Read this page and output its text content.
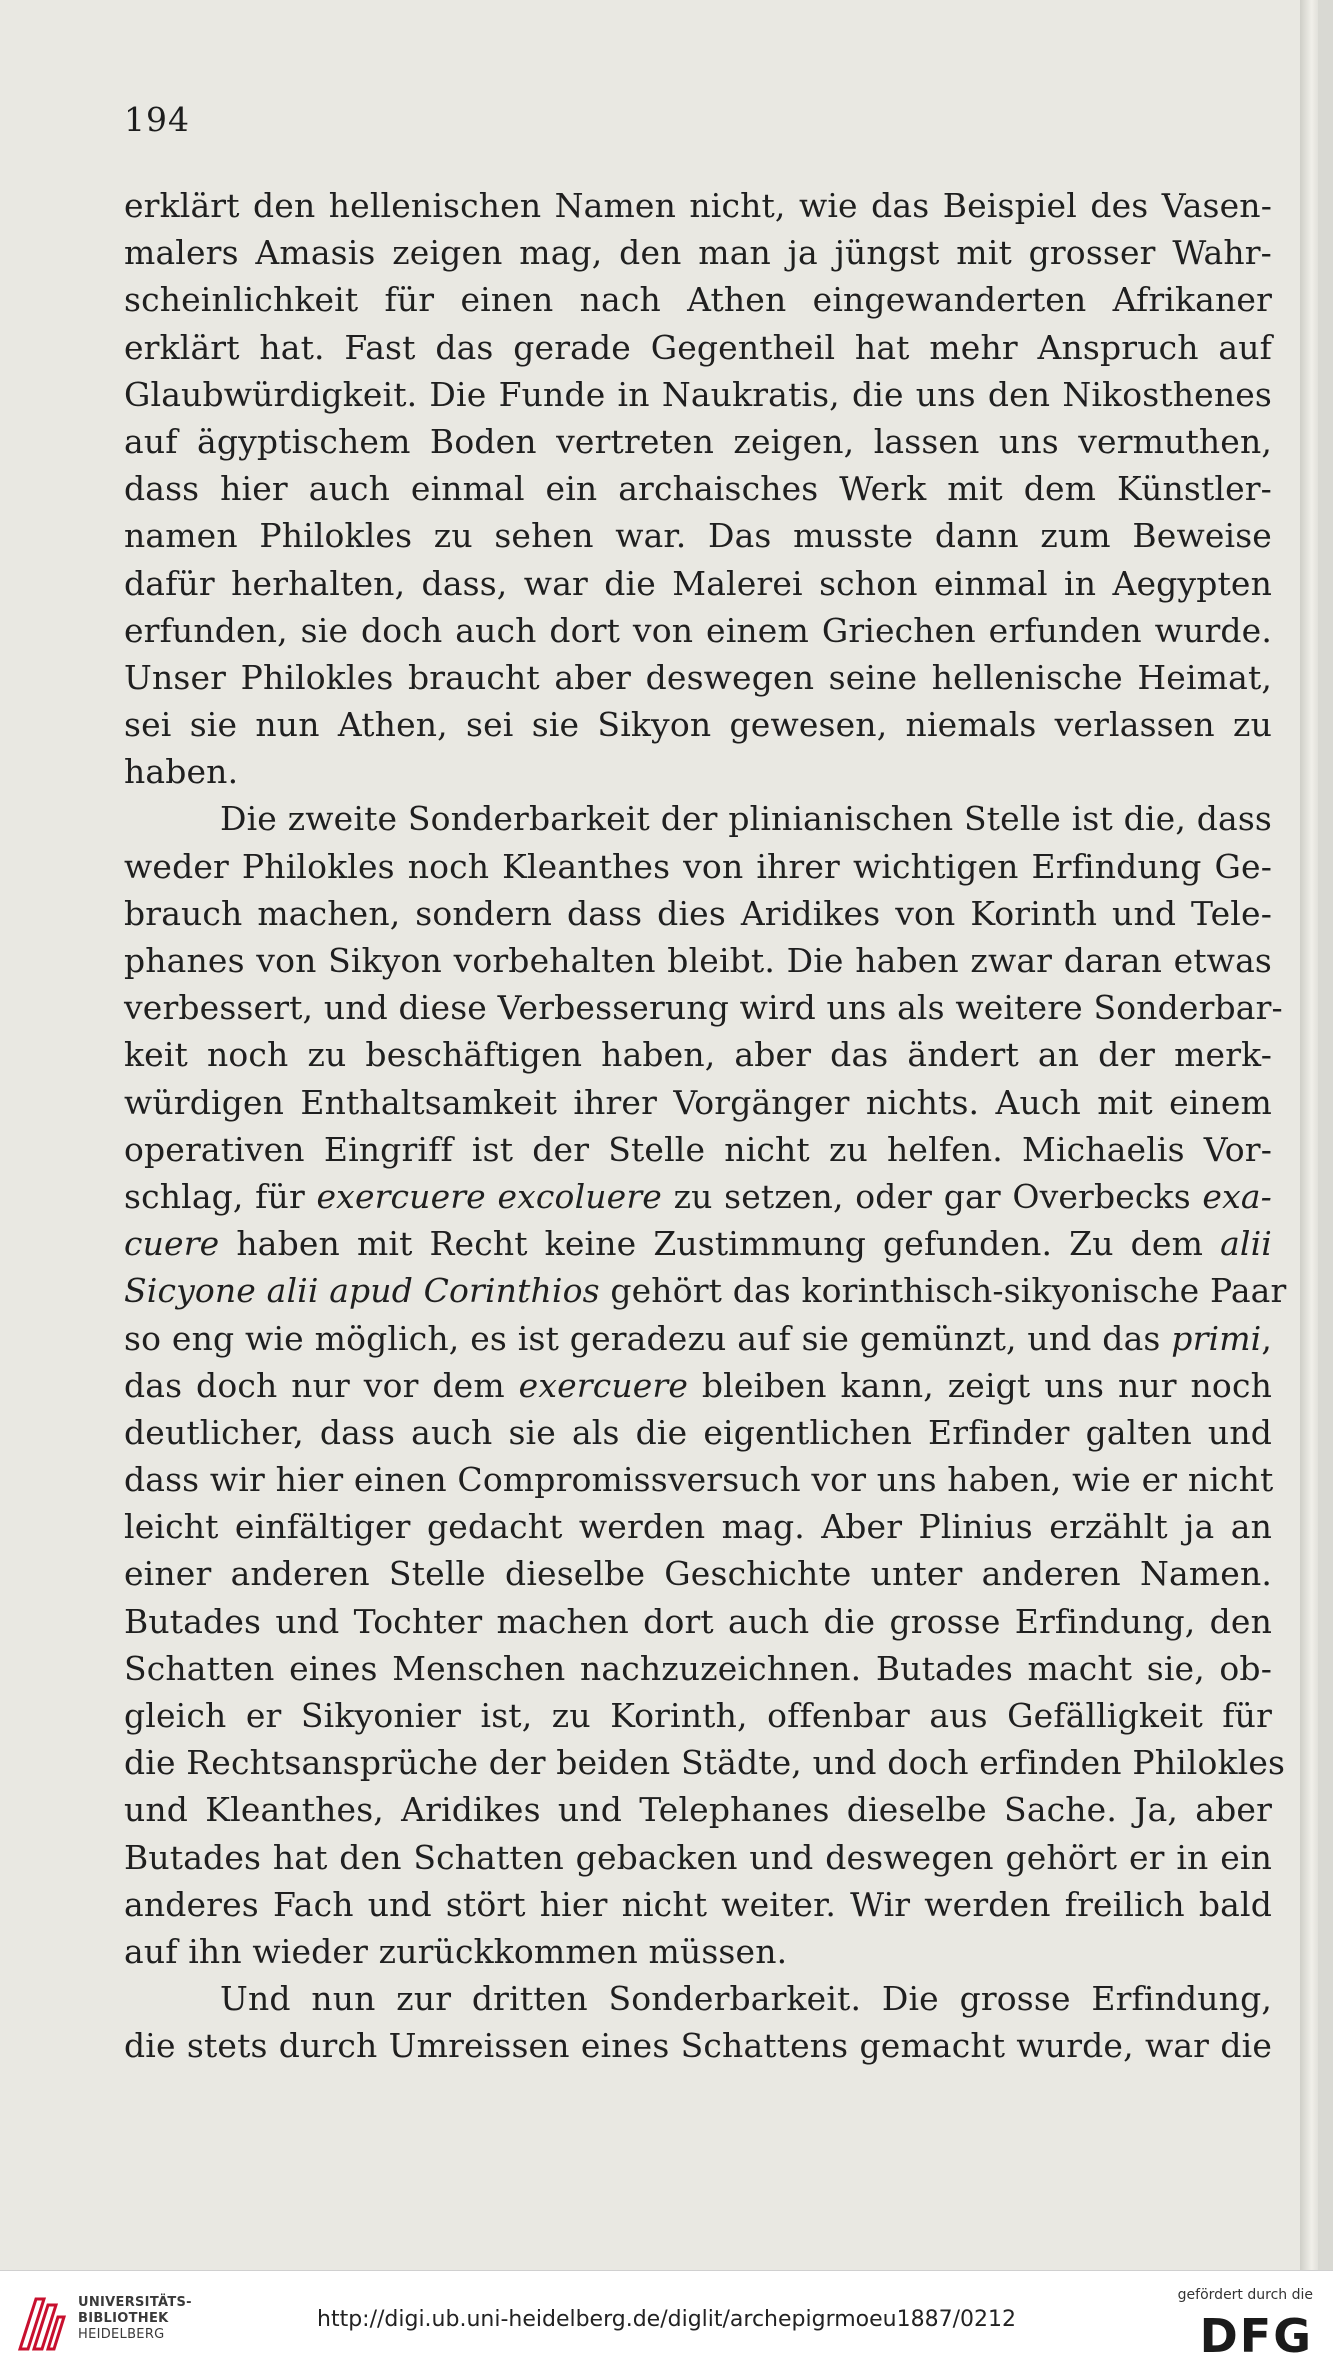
194
erklärt den hellenischen Namen nicht, wie das Beispiel des Vasen-
malers Amasis zeigen mag, den man ja jüngst mit grosser Wahr-
scheinlichkeit für einen nach Athen eingewanderten Afrikaner
erklärt hat. Fast das gerade Gegentheil hat mehr Anspruch auf
Glaubwürdigkeit. Die Funde in Naukratis, die uns den Nikosthenes
auf ägyptischem Boden vertreten zeigen, lassen uns vermuthen,
dass hier auch einmal ein archaisches Werk mit dem Künstler-
namen Philokles zu sehen war. Das musste dann zum Beweise
dafür herhalten, dass, war die Malerei schon einmal in Aegypten
erfunden, sie doch auch dort von einem Griechen erfunden wurde.
Unser Philokles braucht aber deswegen seine hellenische Heimat,
sei sie nun Athen, sei sie Sikyon gewesen, niemals verlassen zu
haben.
Die zweite Sonderbarkeit der plinianischen Stelle ist die, dass
weder Philokles noch Kleanthes von ihrer wichtigen Erfindung Ge-
brauch machen, sondern dass dies Aridikes von Korinth und Tele-
phanes von Sikyon vorbehalten bleibt. Die haben zwar daran etwas
verbessert, und diese Verbesserung wird uns als weitere Sonderbar-
keit noch zu beschäftigen haben, aber das ändert an der merk-
würdigen Enthaltsamkeit ihrer Vorgänger nichts. Auch mit einem
operativen Eingriff ist der Stelle nicht zu helfen. Michaelis Vor-
schlag, für exercuere excoluere zu setzen, oder gar Overbecks exa-
cuere haben mit Recht keine Zustimmung gefunden. Zu dem alii
Sicyone alii apud Corinthios gehört das korinthisch-sikyonische Paar
so eng wie möglich, es ist geradezu auf sie gemünzt, und das primi,
das doch nur vor dem exercuere bleiben kann, zeigt uns nur noch
deutlicher, dass auch sie als die eigentlichen Erfinder galten und
dass wir hier einen Compromissversuch vor uns haben, wie er nicht
leicht einfältiger gedacht werden mag. Aber Plinius erzählt ja an
einer anderen Stelle dieselbe Geschichte unter anderen Namen.
Butades und Tochter machen dort auch die grosse Erfindung, den
Schatten eines Menschen nachzuzeichnen. Butades macht sie, ob-
gleich er Sikyonier ist, zu Korinth, offenbar aus Gefälligkeit für
die Rechtsansprüche der beiden Städte, und doch erfinden Philokles
und Kleanthes, Aridikes und Telephanes dieselbe Sache. Ja, aber
Butades hat den Schatten gebacken und deswegen gehört er in ein
anderes Fach und stört hier nicht weiter. Wir werden freilich bald
auf ihn wieder zurückkommen müssen.
Und nun zur dritten Sonderbarkeit. Die grosse Erfindung,
die stets durch Umreissen eines Schattens gemacht wurde, war die
UNIVERSITÄTS-
BIBLIOTHEK
HEIDELBERG
http://digi.ub.uni-heidelberg.de/diglit/archepigrmoeu1887/0212
gefördert durch die
DFG
